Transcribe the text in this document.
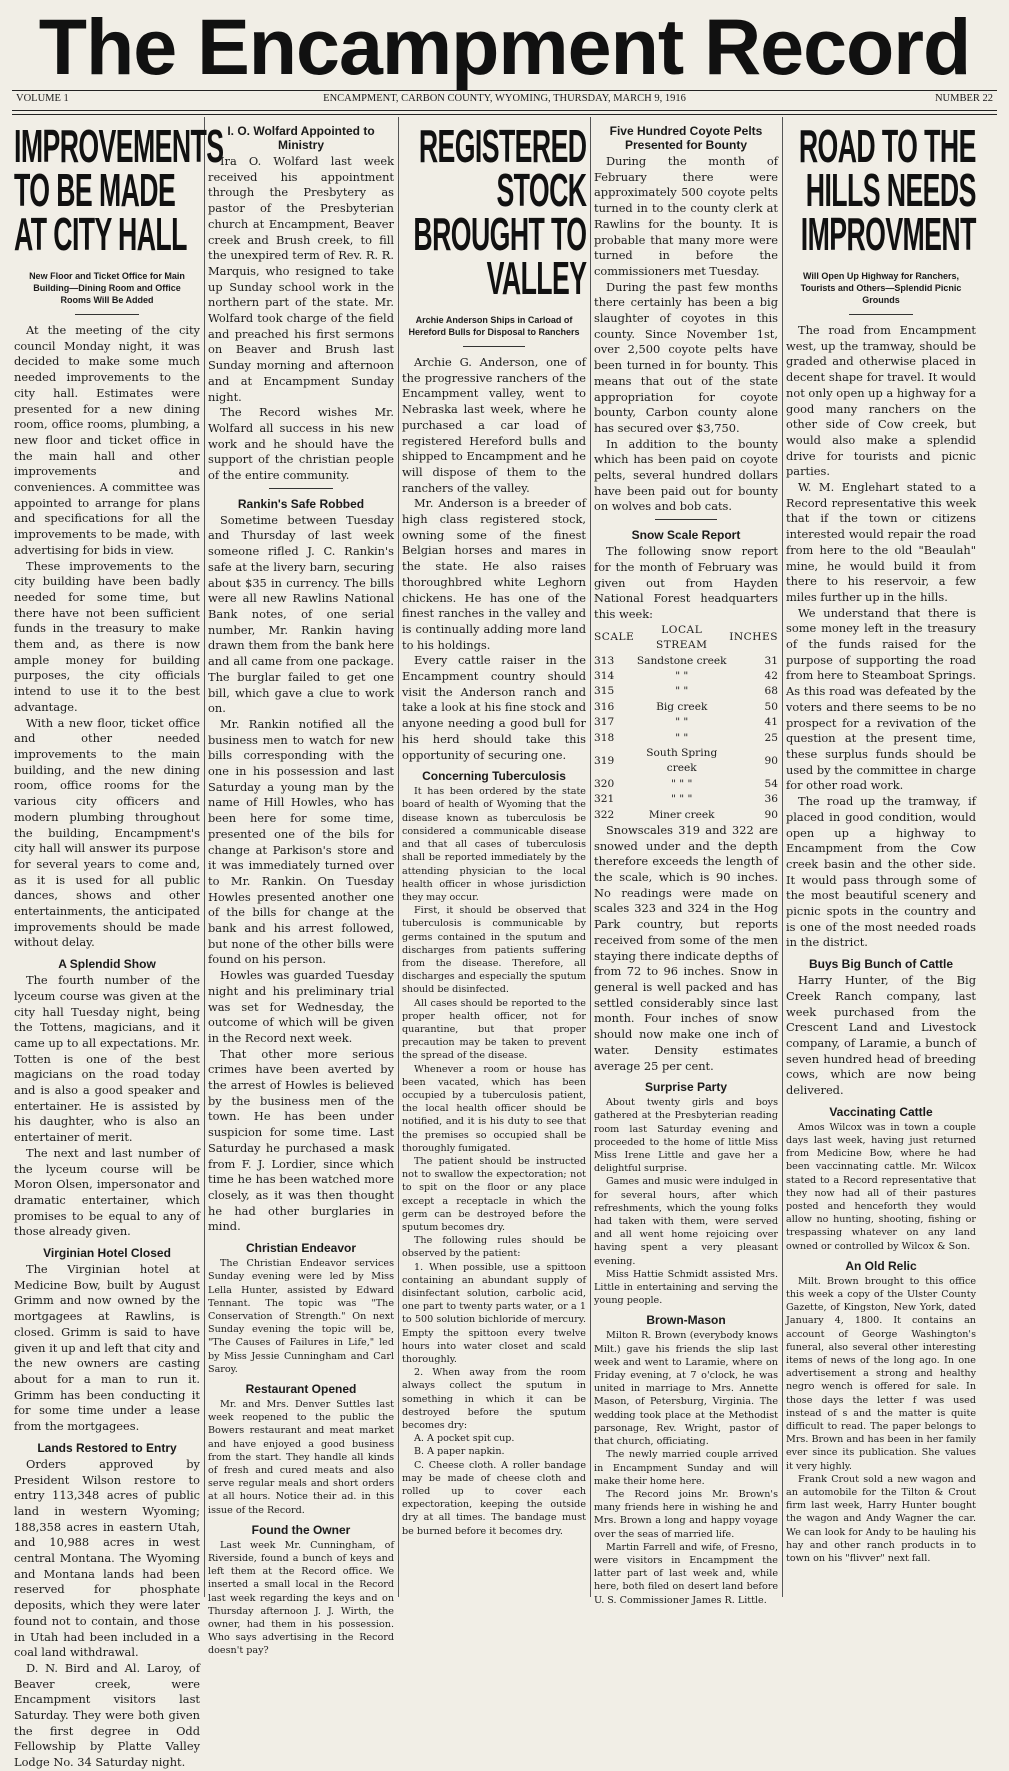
The Encampment Record
VOLUME 1	ENCAMPMENT, CARBON COUNTY, WYOMING, THURSDAY, MARCH 9, 1916	NUMBER 22
IMPROVEMENTS TO BE MADE AT CITY HALL
New Floor and Ticket Office for Main Building—Dining Room and Office Rooms Will Be Added

At the meeting of the city council Monday night, it was decided to make some much needed improvements to the city hall. Estimates were presented for a new dining room, office rooms, plumbing, a new floor and ticket office in the main hall and other improvements and conveniences. A committee was appointed to arrange for plans and specifications for all the improvements to be made, with advertising for bids in view.

These improvements to the city building have been badly needed for some time, but there have not been sufficient funds in the treasury to make them and, as there is now ample money for building purposes, the city officials intend to use it to the best advantage.

With a new floor, ticket office and other needed improvements to the main building, and the new dining room, office rooms for the various city officers and modern plumbing throughout the building, Encampment's city hall will answer its purpose for several years to come and, as it is used for all public dances, shows and other entertainments, the anticipated improvements should be made without delay.

A Splendid Show

The fourth number of the lyceum course was given at the city hall Tuesday night, being the Tottens, magicians, and it came up to all expectations. Mr. Totten is one of the best magicians on the road today and is also a good speaker and entertainer. He is assisted by his daughter, who is also an entertainer of merit.

The next and last number of the lyceum course will be Moron Olsen, impersonator and dramatic entertainer, which promises to be equal to any of those already given.

Virginian Hotel Closed

The Virginian hotel at Medicine Bow, built by August Grimm and now owned by the mortgagees at Rawlins, is closed. Grimm is said to have given it up and left that city and the new owners are casting about for a man to run it. Grimm has been conducting it for some time under a lease from the mortgagees.

Lands Restored to Entry

Orders approved by President Wilson restore to entry 113,348 acres of public land in western Wyoming; 188,358 acres in eastern Utah, and 10,988 acres in west central Montana. The Wyoming and Montana lands had been reserved for phosphate deposits, which they were later found not to contain, and those in Utah had been included in a coal land withdrawal.

D. N. Bird and Al. Laroy, of Beaver creek, were Encampment visitors last Saturday. They were both given the first degree in Odd Fellowship by Platte Valley Lodge No. 34 Saturday night.

I. O. Wolfard Appointed to Ministry

Ira O. Wolfard last week received his appointment through the Presbytery as pastor of the Presbyterian church at Encampment, Beaver creek and Brush creek, to fill the unexpired term of Rev. R. R. Marquis, who resigned to take up Sunday school work in the northern part of the state. Mr. Wolfard took charge of the field and preached his first sermons on Beaver and Brush last Sunday morning and afternoon and at Encampment Sunday night.

The Record wishes Mr. Wolfard all success in his new work and he should have the support of the christian people of the entire community.

Rankin's Safe Robbed

Sometime between Tuesday and Thursday of last week someone rifled J. C. Rankin's safe at the livery barn, securing about $35 in currency. The bills were all new Rawlins National Bank notes, of one serial number, Mr. Rankin having drawn them from the bank here and all came from one package. The burglar failed to get one bill, which gave a clue to work on.

Mr. Rankin notified all the business men to watch for new bills corresponding with the one in his possession and last Saturday a young man by the name of Hill Howles, who has been here for some time, presented one of the bils for change at Parkison's store and it was immediately turned over to Mr. Rankin. On Tuesday Howles presented another one of the bills for change at the bank and his arrest followed, but none of the other bills were found on his person.

Howles was guarded Tuesday night and his preliminary trial was set for Wednesday, the outcome of which will be given in the Record next week.

That other more serious crimes have been averted by the arrest of Howles is believed by the business men of the town. He has been under suspicion for some time. Last Saturday he purchased a mask from F. J. Lordier, since which time he has been watched more closely, as it was then thought he had other burglaries in mind.

Christian Endeavor

The Christian Endeavor services Sunday evening were led by Miss Lella Hunter, assisted by Edward Tennant. The topic was "The Conservation of Strength." On next Sunday evening the topic will be, "The Causes of Failures in Life," led by Miss Jessie Cunningham and Carl Saroy.

Restaurant Opened

Mr. and Mrs. Denver Suttles last week reopened to the public the Bowers restaurant and meat market and have enjoyed a good business from the start. They handle all kinds of fresh and cured meats and also serve regular meals and short orders at all hours. Notice their ad. in this issue of the Record.

Found the Owner

Last week Mr. Cunningham, of Riverside, found a bunch of keys and left them at the Record office. We inserted a small local in the Record last week regarding the keys and on Thursday afternoon J. J. Wirth, the owner, had them in his possession. Who says advertising in the Record doesn't pay?

REGISTERED STOCK BROUGHT TO VALLEY
Archie Anderson Ships in Carload of Hereford Bulls for Disposal to Ranchers

Archie G. Anderson, one of the progressive ranchers of the Encampment valley, went to Nebraska last week, where he purchased a car load of registered Hereford bulls and shipped to Encampment and he will dispose of them to the ranchers of the valley.

Mr. Anderson is a breeder of high class registered stock, owning some of the finest Belgian horses and mares in the state. He also raises thoroughbred white Leghorn chickens. He has one of the finest ranches in the valley and is continually adding more land to his holdings.

Every cattle raiser in the Encampment country should visit the Anderson ranch and take a look at his fine stock and anyone needing a good bull for his herd should take this opportunity of securing one.

Concerning Tuberculosis

It has been ordered by the state board of health of Wyoming that the disease known as tuberculosis be considered a communicable disease and that all cases of tuberculosis shall be reported immediately by the attending physician to the local health officer in whose jurisdiction they may occur.

First, it should be observed that tuberculosis is communicable by germs contained in the sputum and discharges from patients suffering from the disease. Therefore, all discharges and especially the sputum should be disinfected.

All cases should be reported to the proper health officer, not for quarantine, but that proper precaution may be taken to prevent the spread of the disease.

Whenever a room or house has been vacated, which has been occupied by a tuberculosis patient, the local health officer should be notified, and it is his duty to see that the premises so occupied shall be thoroughly fumigated.

The patient should be instructed not to swallow the expectoration; not to spit on the floor or any place except a receptacle in which the germ can be destroyed before the sputum becomes dry.

The following rules should be observed by the patient:

1. When possible, use a spittoon containing an abundant supply of disinfectant solution, carbolic acid, one part to twenty parts water, or a 1 to 500 solution bichloride of mercury. Empty the spittoon every twelve hours into water closet and scald thoroughly.

2. When away from the room always collect the sputum in something in which it can be destroyed before the sputum becomes dry:

A. A pocket spit cup.

B. A paper napkin.

C. Cheese cloth. A roller bandage may be made of cheese cloth and rolled up to cover each expectoration, keeping the outside dry at all times. The bandage must be burned before it becomes dry.

Five Hundred Coyote Pelts Presented for Bounty

During the month of February there were approximately 500 coyote pelts turned in to the county clerk at Rawlins for the bounty. It is probable that many more were turned in before the commissioners met Tuesday.

During the past few months there certainly has been a big slaughter of coyotes in this county. Since November 1st, over 2,500 coyote pelts have been turned in for bounty. This means that out of the state appropriation for coyote bounty, Carbon county alone has secured over $3,750.

In addition to the bounty which has been paid on coyote pelts, several hundred dollars have been paid out for bounty on wolves and bob cats.

Snow Scale Report

The following snow report for the month of February was given out from Hayden National Forest headquarters this week:

SCALE	LOCAL STREAM	INCHES
313	Sandstone creek	31
314	" "	42
315	" "	68
316	Big creek	50
317	" "	41
318	" "	25
319	South Spring creek	90
320	" " "	54
321	" " "	36
322	Miner creek	90

Snowscales 319 and 322 are snowed under and the depth therefore exceeds the length of the scale, which is 90 inches. No readings were made on scales 323 and 324 in the Hog Park country, but reports received from some of the men staying there indicate depths of from 72 to 96 inches. Snow in general is well packed and has settled considerably since last month. Four inches of snow should now make one inch of water. Density estimates average 25 per cent.

Surprise Party

About twenty girls and boys gathered at the Presbyterian reading room last Saturday evening and proceeded to the home of little Miss Miss Irene Little and gave her a delightful surprise.

Games and music were indulged in for several hours, after which refreshments, which the young folks had taken with them, were served and all went home rejoicing over having spent a very pleasant evening.

Miss Hattie Schmidt assisted Mrs. Little in entertaining and serving the young people.

Brown-Mason

Milton R. Brown (everybody knows Milt.) gave his friends the slip last week and went to Laramie, where on Friday evening, at 7 o'clock, he was united in marriage to Mrs. Annette Mason, of Petersburg, Virginia. The wedding took place at the Methodist parsonage, Rev. Wright, pastor of that church, officiating.

The newly married couple arrived in Encampment Sunday and will make their home here.

The Record joins Mr. Brown's many friends here in wishing he and Mrs. Brown a long and happy voyage over the seas of married life.

Martin Farrell and wife, of Fresno, were visitors in Encampment the latter part of last week and, while here, both filed on desert land before U. S. Commissioner James R. Little.

ROAD TO THE HILLS NEEDS IMPROVMENT
Will Open Up Highway for Ranchers, Tourists and Others—Splendid Picnic Grounds

The road from Encampment west, up the tramway, should be graded and otherwise placed in decent shape for travel. It would not only open up a highway for a good many ranchers on the other side of Cow creek, but would also make a splendid drive for tourists and picnic parties.

W. M. Englehart stated to a Record representative this week that if the town or citizens interested would repair the road from here to the old "Beaulah" mine, he would build it from there to his reservoir, a few miles further up in the hills.

We understand that there is some money left in the treasury of the funds raised for the purpose of supporting the road from here to Steamboat Springs. As this road was defeated by the voters and there seems to be no prospect for a revivation of the question at the present time, these surplus funds should be used by the committee in charge for other road work.

The road up the tramway, if placed in good condition, would open up a highway to Encampment from the Cow creek basin and the other side. It would pass through some of the most beautiful scenery and picnic spots in the country and is one of the most needed roads in the district.

Buys Big Bunch of Cattle

Harry Hunter, of the Big Creek Ranch company, last week purchased from the Crescent Land and Livestock company, of Laramie, a bunch of seven hundred head of breeding cows, which are now being delivered.

Vaccinating Cattle

Amos Wilcox was in town a couple days last week, having just returned from Medicine Bow, where he had been vaccinnating cattle. Mr. Wilcox stated to a Record representative that they now had all of their pastures posted and henceforth they would allow no hunting, shooting, fishing or trespassing whatever on any land owned or controlled by Wilcox & Son.

An Old Relic

Milt. Brown brought to this office this week a copy of the Ulster County Gazette, of Kingston, New York, dated January 4, 1800. It contains an account of George Washington's funeral, also several other interesting items of news of the long ago. In one advertisement a strong and healthy negro wench is offered for sale. In those days the letter f was used instead of s and the matter is quite difficult to read. The paper belongs to Mrs. Brown and has been in her family ever since its publication. She values it very highly.

Frank Crout sold a new wagon and an automobile for the Tilton & Crout firm last week, Harry Hunter bought the wagon and Andy Wagner the car. We can look for Andy to be hauling his hay and other ranch products in to town on his "flivver" next fall.
